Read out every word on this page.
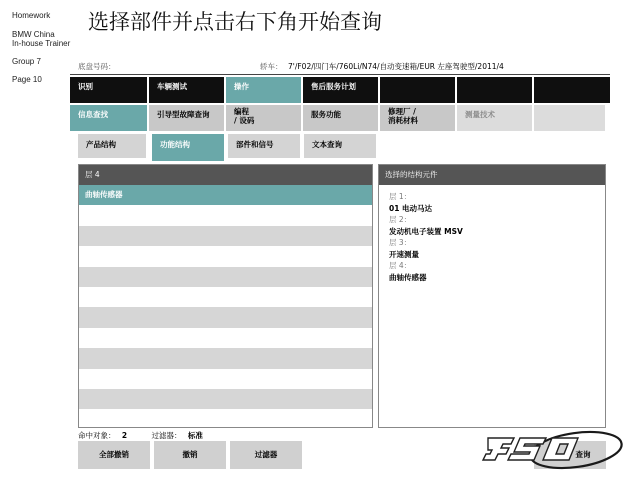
Homework
BMW China
In-house Trainer
Group 7
Page 10
选择部件并点击右下角开始查询
底盘号码：	轿车： 7'/F02/四门车/760Li/N74/自动变速箱/EUR 左座驾驶型/2011/4
识别	车辆测试	操作	售后服务计划
信息查找	引导型故障查询	编程
/ 设码
服务功能	修理厂 /
消耗材料
测量技术
产品结构	功能结构	部件和信号	文本查询
层 4
曲轴传感器
选择的结构元件
层 1：
01 电动马达
层 2：
发动机电子装置 MSV
层 3：
开速测量
层 4：
曲轴传感器
命中对象： 2	过滤器： 标准
全部撤销	撤销	过滤器	查询
